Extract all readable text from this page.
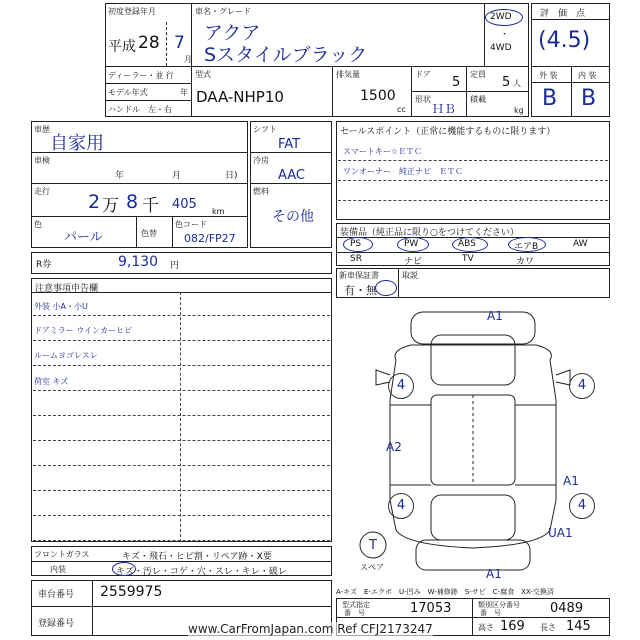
初度登録年月
平成 28 7
月
車名・グレード
アクア
Sスタイルブラック
2WD
・
4WD
ディーラー・並 行
モデル年式	年
ハンドル　左・右
型式
DAA-NHP10
排気量
1500
cc
ドア
5
定員
5 人
形状
ＨＢ
積載
kg
評　価　点
(4.5)
外 装	内 装
B B
車歴
自家用
車検
年	月	日)
走行 2 万 8 千 405 km
色
パール	色替
色コード
082/FP27
シフト
FAT
冷房
AAC
燃料
その他
セールスポイント（正常に機能するものに限ります）
スマートキー☆ＥＴＣ
ワンオーナー　純正ナビ　ＥＴＣ
装備品（純正品に限り○をつけてください）
PS	PW	ABS	エアB	AW
SR	ナビ	TV	カワ
新車保証書
有・無
取説
R券	9,130 円
注意事項申告欄
外装 小A・小U
ドアミラー ウインカーヒビ
ルームヨゴレスレ
荷室 キズ
A1
A2
A1
UA1
A1
4	4
4	4
T
スペア
A-キズ　E-エクボ　U-凹み　W-補修跡　S-サビ　C-腐食　XX-交換済
フロントガラス	キズ・飛石・ヒビ割・リペア跡・X要
内装	キズ・汚レ・コゲ・穴・スレ・キレ・破レ
車台番号 2559975
登録番号
型式指定
番　号	17053	類別区分番号
番　号	0489
高さ 169 長さ 145
www.CarFromJapan.com Ref CFJ2173247
